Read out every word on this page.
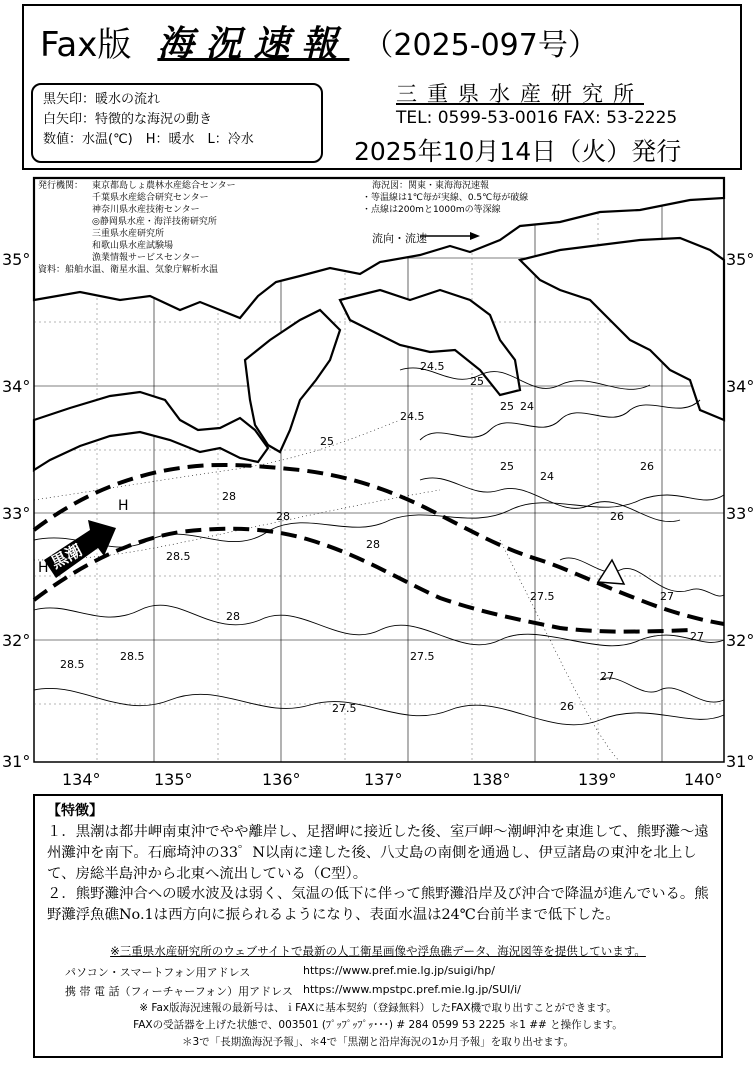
Fax版 海況速報 （2025-097号）
黒矢印：暖水の流れ
白矢印：特徴的な海況の動き
数値：水温(℃)　H：暖水　L：冷水
三重県水産研究所
TEL: 0599-53-0016 FAX: 53-2225
2025年10月14日（火）発行
28.5
28
28
28
28
28.5
28.5	27.5
27.5
27.5
27
27
27
26
26
26
25
25
25
25
24.5
24.5
24
24
H
H
黒潮
発行機関： 東京都島しょ農林水産総合センター
千葉県水産総合研究センター
神奈川県水産技術センター
◎静岡県水産・海洋技術研究所
三重県水産研究所
和歌山県水産試験場
漁業情報サービスセンター
資料：船舶水温、衛星水温、気象庁解析水温
海況図：関東・東海海況速報
・等温線は1℃毎が実線、0.5℃毎が破線
・点線は200mと1000mの等深線
流向・流速
35°
34°
33°
32°
31°
35°
34°
33°
32°
31°
134°	135°	136°	137°	138°	139°	140°
【特徴】
１．黒潮は都井岬南東沖でやや離岸し、足摺岬に接近した後、室戸岬～潮岬沖を東進して、熊野灘～遠州灘沖を南下。石廊埼沖の33゜N以南に達した後、八丈島の南側を通過し、伊豆諸島の東沖を北上して、房総半島沖から北東へ流出している（C型）。
２．熊野灘沖合への暖水波及は弱く、気温の低下に伴って熊野灘沿岸及び沖合で降温が進んでいる。熊野灘浮魚礁No.1は西方向に振られるようになり、表面水温は24℃台前半まで低下した。
※三重県水産研究所のウェブサイトで最新の人工衛星画像や浮魚礁データ、海況図等を提供しています。
パソコン・スマートフォン用アドレス	https://www.pref.mie.lg.jp/suigi/hp/
携 帯 電 話（フィーチャーフォン）用アドレス https://www.mpstpc.pref.mie.lg.jp/SUI/i/
※ Fax版海況速報の最新号は、ｉFAXに基本契約（登録無料）したFAX機で取り出すことができます。
FAXの受話器を上げた状態で、003501 (ﾌﾟｯﾌﾟｯﾌﾟｯ･･･) # 284 0599 53 2225 ＊1 ## と操作します。
＊3で「長期漁海況予報」、＊4で「黒潮と沿岸海況の1か月予報」を取り出せます。
